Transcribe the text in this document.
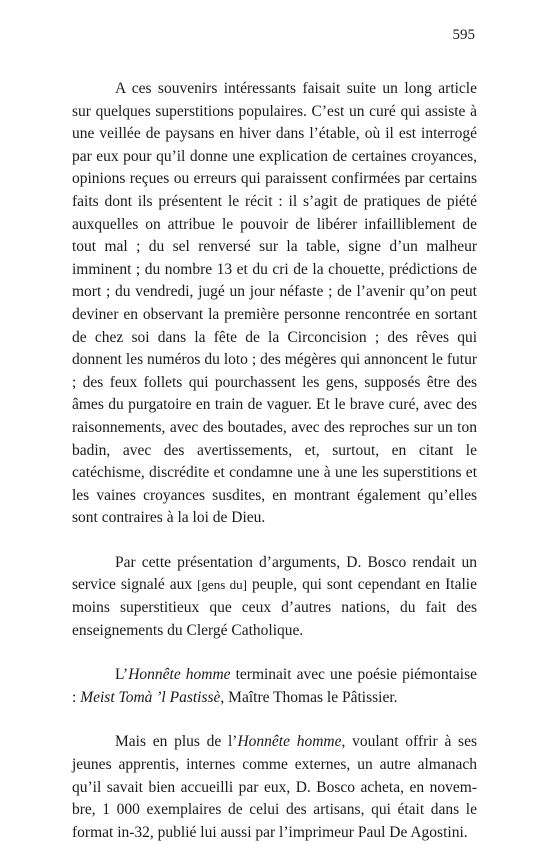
595

A ces souvenirs intéressants faisait suite un long article sur quelques superstitions populaires. C’est un curé qui assiste à une veillée de paysans en hiver dans l’étable, où il est interrogé par eux pour qu’il donne une explication de certaines croyances, opinions reçues ou erreurs qui paraissent confirmées par certains faits dont ils présentent le récit : il s’agit de pratiques de piété auxquelles on attribue le pouvoir de libérer infailliblement de tout mal ; du sel renversé sur la table, signe d’un malheur imminent ; du nombre 13 et du cri de la chouette, prédictions de mort ; du vendredi, jugé un jour néfaste ; de l’avenir qu’on peut deviner en observant la première personne rencontrée en sortant de chez soi dans la fête de la Circoncision ; des rêves qui donnent les numéros du loto ; des mégères qui annoncent le futur ; des feux follets qui pourchassent les gens, supposés être des âmes du purgatoire en train de vaguer. Et le brave curé, avec des raisonnements, avec des boutades, avec des reproches sur un ton badin, avec des avertissements, et, surtout, en citant le catéchisme, discrédite et condamne une à une les superstitions et les vaines croyances susdites, en montrant également qu’elles sont contraires à la loi de Dieu.

Par cette présentation d’arguments, D. Bosco rendait un service signalé aux [gens du] peuple, qui sont cependant en Italie moins superstitieux que ceux d’autres nations, du fait des enseignements du Clergé Catholique.

L’Honnête homme terminait avec une poésie piémontaise : Meist Tomà ’l Pastissè, Maître Thomas le Pâtissier.

Mais en plus de l’Honnête homme, voulant offrir à ses jeunes apprentis, internes comme externes, un autre almanach qu’il savait bien accueilli par eux, D. Bosco acheta, en novembre, 1 000 exemplaires de celui des artisans, qui était dans le format in-32, publié lui aussi par l’imprimeur Paul De Agostini.
